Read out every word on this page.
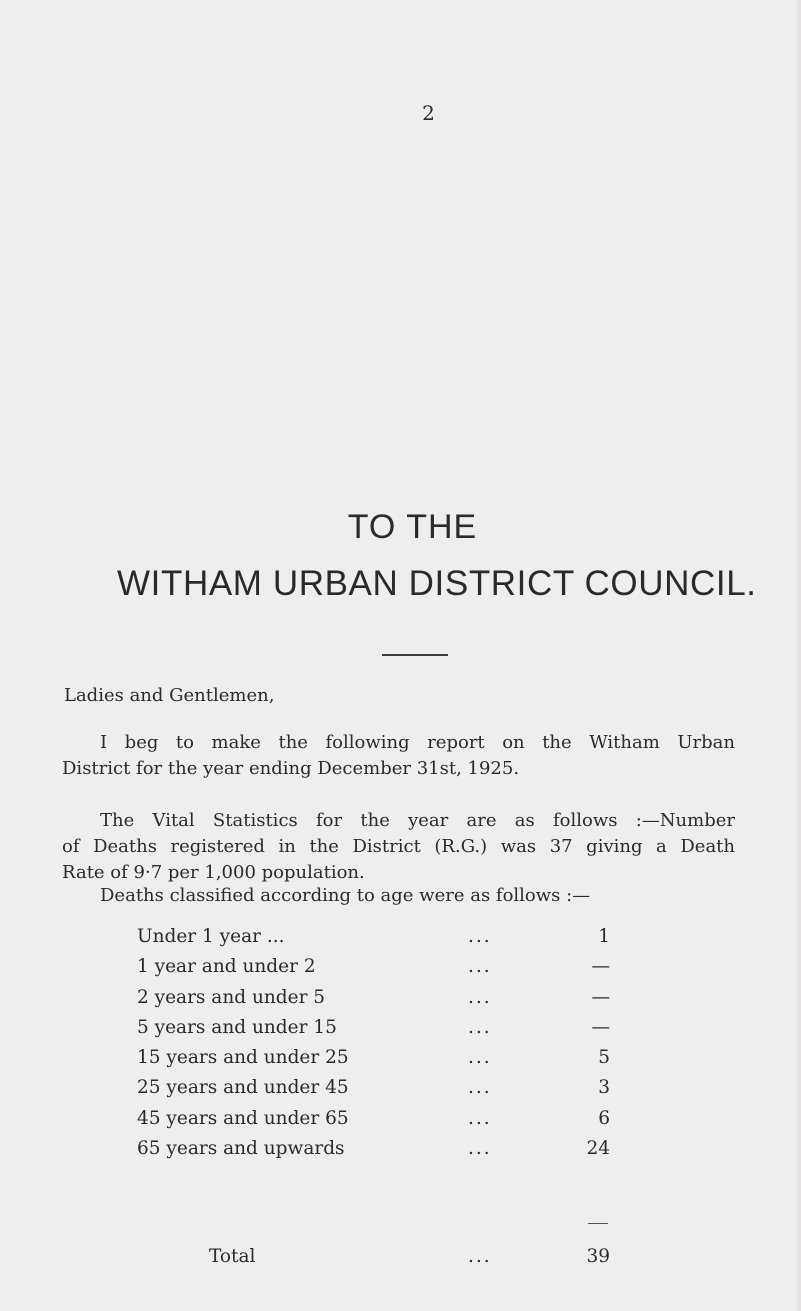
2
TO THE
WITHAM URBAN DISTRICT COUNCIL.
Ladies and Gentlemen,
I beg to make the following report on the Witham Urban
District for the year ending December 31st, 1925.
The Vital Statistics for the year are as follows :—Number
of Deaths registered in the District (R.G.) was 37 giving a Death
Rate of 9·7 per 1,000 population.
Deaths classified according to age were as follows :—
Under 1 year ...	...	1
1 year and under 2	...	—
2 years and under 5	...	—
5 years and under 15	...	—
15 years and under 25	...	5
25 years and under 45	...	3
45 years and under 65	...	6
65 years and upwards	...	24
Total	...	39
